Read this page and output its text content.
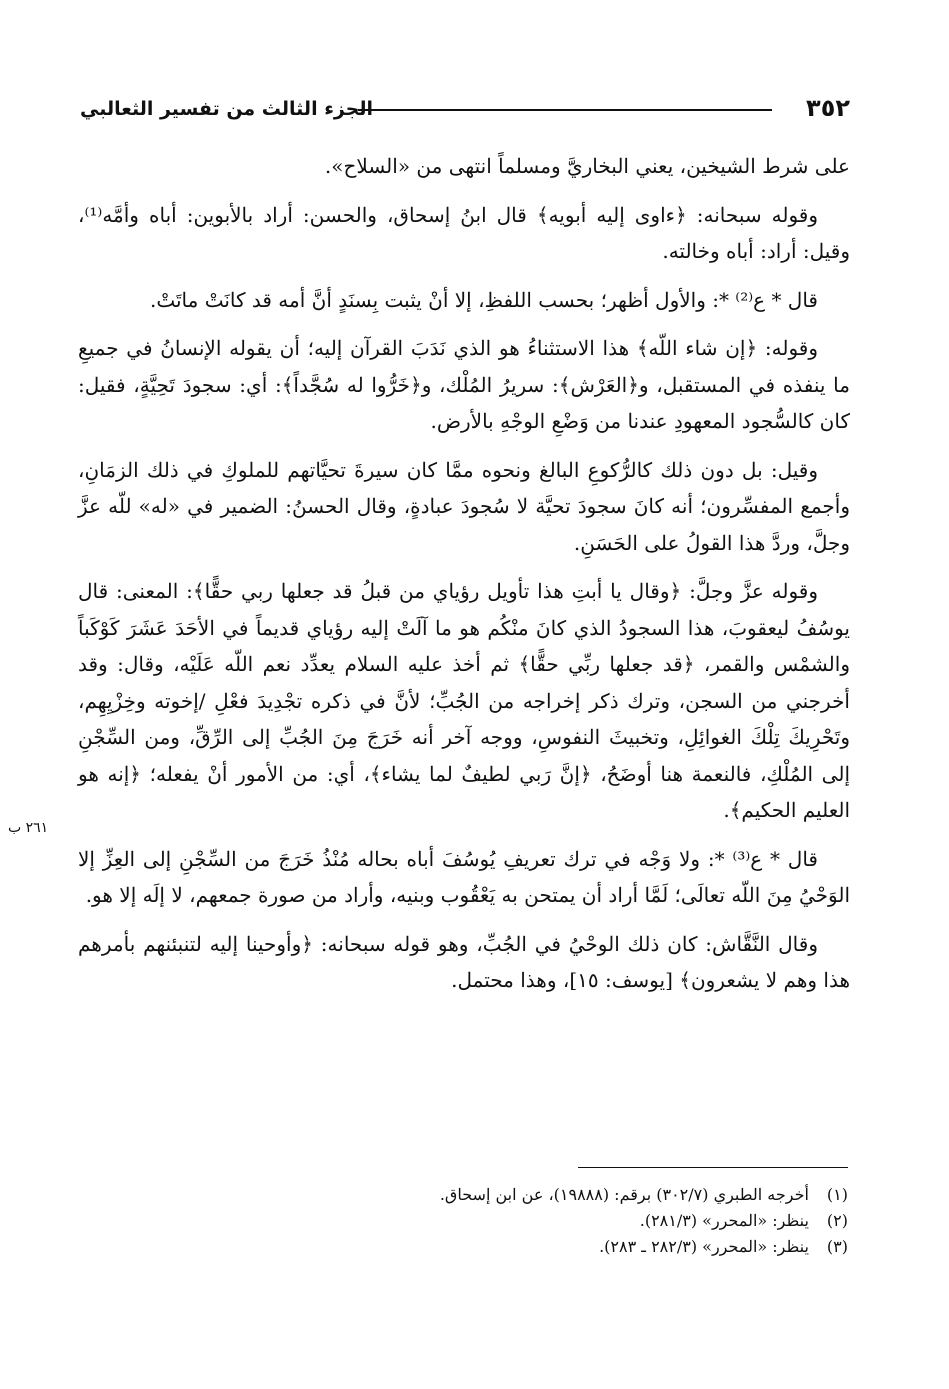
٣٥٢
الجزء الثالث من تفسير الثعالبي

على شرط الشيخين، يعني البخاريَّ ومسلماً انتهى من «السلاح».

وقوله سبحانه: ﴿ءاوى إليه أبويه﴾ قال ابنُ إسحاق، والحسن: أراد بالأبوين: أباه وأمَّه⁽¹⁾، وقيل: أراد: أباه وخالته.

قال * ع⁽²⁾ *: والأول أظهر؛ بحسب اللفظِ، إلا أنْ يثبت بِسنَدٍ أنَّ أمه قد كانَتْ ماتَتْ.

وقوله: ﴿إن شاء اللّه﴾ هذا الاستثناءُ هو الذي نَدَبَ القرآن إليه؛ أن يقوله الإنسانُ في جميعِ ما ينفذه في المستقبل، و﴿العَرْش﴾: سريرُ المُلْك، و﴿خَرُّوا له سُجَّداً﴾: أي: سجودَ تَحِيَّةٍ، فقيل: كان كالسُّجود المعهودِ عندنا من وَضْعِ الوجْهِ بالأرض.

وقيل: بل دون ذلك كالرُّكوعِ البالغ ونحوه ممَّا كان سيرةَ تحيَّاتهم للملوكِ في ذلك الزمَانِ، وأجمع المفسِّرون؛ أنه كانَ سجودَ تحيَّة لا سُجودَ عبادةٍ، وقال الحسنُ: الضمير في «له» للّه عزَّ وجلَّ، وردَّ هذا القولُ على الحَسَنِ.

وقوله عزَّ وجلَّ: ﴿وقال يا أبتِ هذا تأويل رؤياي من قبلُ قد جعلها ربي حقًّا﴾: المعنى: قال يوسُفُ ليعقوبَ، هذا السجودُ الذي كانَ منْكُم هو ما آلَتْ إليه رؤياي قديماً في الأحَدَ عَشَرَ كَوْكَباً والشمْس والقمر، ﴿قد جعلها ربِّي حقًّا﴾ ثم أخذ عليه السلام يعدِّد نعم اللّه عَلَيْه، وقال: وقد أخرجني من السجن، وترك ذكر إخراجه من الجُبِّ؛ لأنَّ في ذكره تجْدِيدَ فعْلِ /إخوته وخِزْيِهِم، وتَحْرِيكَ تِلْكَ الغوائِلِ، وتخبيثَ النفوسِ، ووجه آخر أنه خَرَجَ مِنَ الجُبِّ إلى الرِّقِّ، ومن السِّجْنِ إلى المُلْكِ، فالنعمة هنا أوضَحُ، ﴿إنَّ رَبي لطيفٌ لما يشاء﴾، أي: من الأمور أنْ يفعله؛ ﴿إنه هو العليم الحكيم﴾.

قال * ع⁽³⁾ *: ولا وَجْه في ترك تعريفِ يُوسُفَ أباه بحاله مُنْذُ خَرَجَ من السِّجْنِ إلى العِزِّ إلا الوَحْيُ مِنَ اللّه تعالَى؛ لَمَّا أراد أن يمتحن به يَعْقُوب وبنيه، وأراد من صورة جمعهم، لا إلَه إلا هو.

وقال النَّقَّاش: كان ذلك الوحْيُ في الجُبِّ، وهو قوله سبحانه: ﴿وأوحينا إليه لتنبئنهم بأمرهم هذا وهم لا يشعرون﴾ [يوسف: ١٥]، وهذا محتمل.

٢٦١ ب

(١) أخرجه الطبري (٣٠٢/٧) برقم: (١٩٨٨٨)، عن ابن إسحاق.

(٢) ينظر: «المحرر» (٢٨١/٣).

(٣) ينظر: «المحرر» (٢٨٢/٣ ـ ٢٨٣).
